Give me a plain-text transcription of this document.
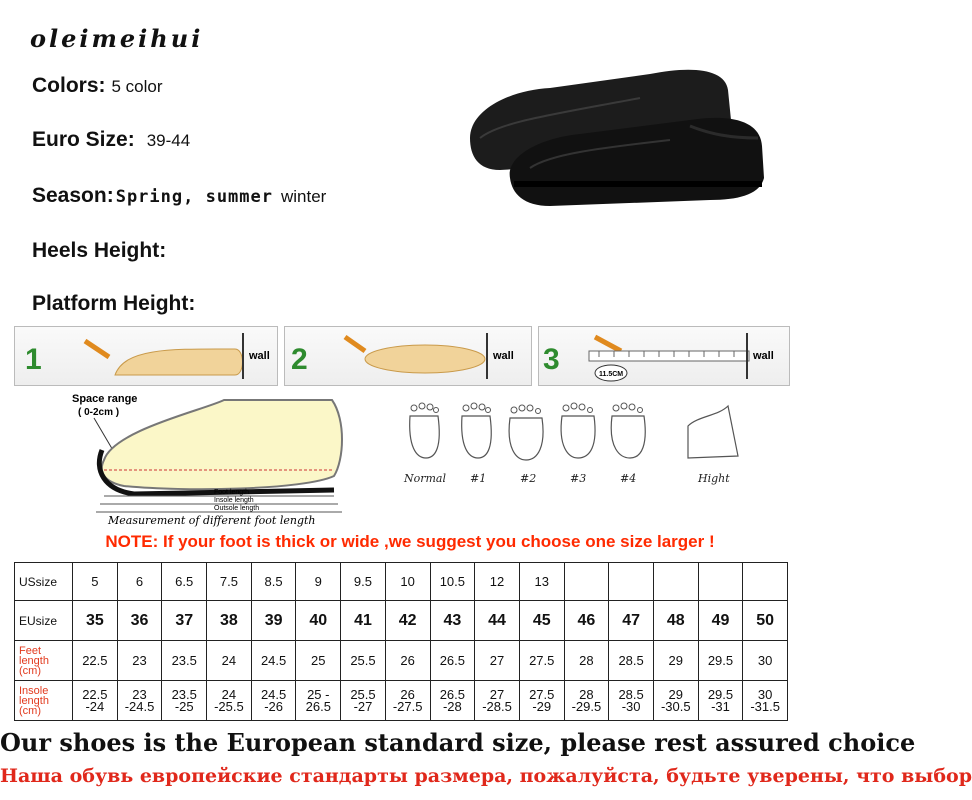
oleimeihui
Colors: 5 color
Euro Size: 39-44
Season: Spring, summer winter
Heels Height:
Platform Height:
1	wall 2	wall 3	11.5CM
wall
Space range
( 0-2cm )
Foot length
Insole length
Outsole length
Measurement of different foot length
Normal #1	#2	#3	#4	Hight
NOTE: If your foot is thick or wide ,we suggest you choose one size larger !
USsize	5	6	6.5	7.5	8.5	9	9.5	10	10.5	12	13					
EUsize	35	36	37	38	39	40	41	42	43	44	45	46	47	48	49	50
Feet length (cm)	22.5	23	23.5	24	24.5	25	25.5	26	26.5	27	27.5	28	28.5	29	29.5	30
Insole length (cm)	22.5 -24	23 -24.5	23.5 -25	24 -25.5	24.5 -26	25 - 26.5	25.5 -27	26 -27.5	26.5 -28	27 -28.5	27.5 -29	28 -29.5	28.5 -30	29 -30.5	29.5 -31	30 -31.5
Our shoes is the European standard size, please rest assured choice
Наша обувь европейские стандарты размера, пожалуйста, будьте уверены, что выбор
